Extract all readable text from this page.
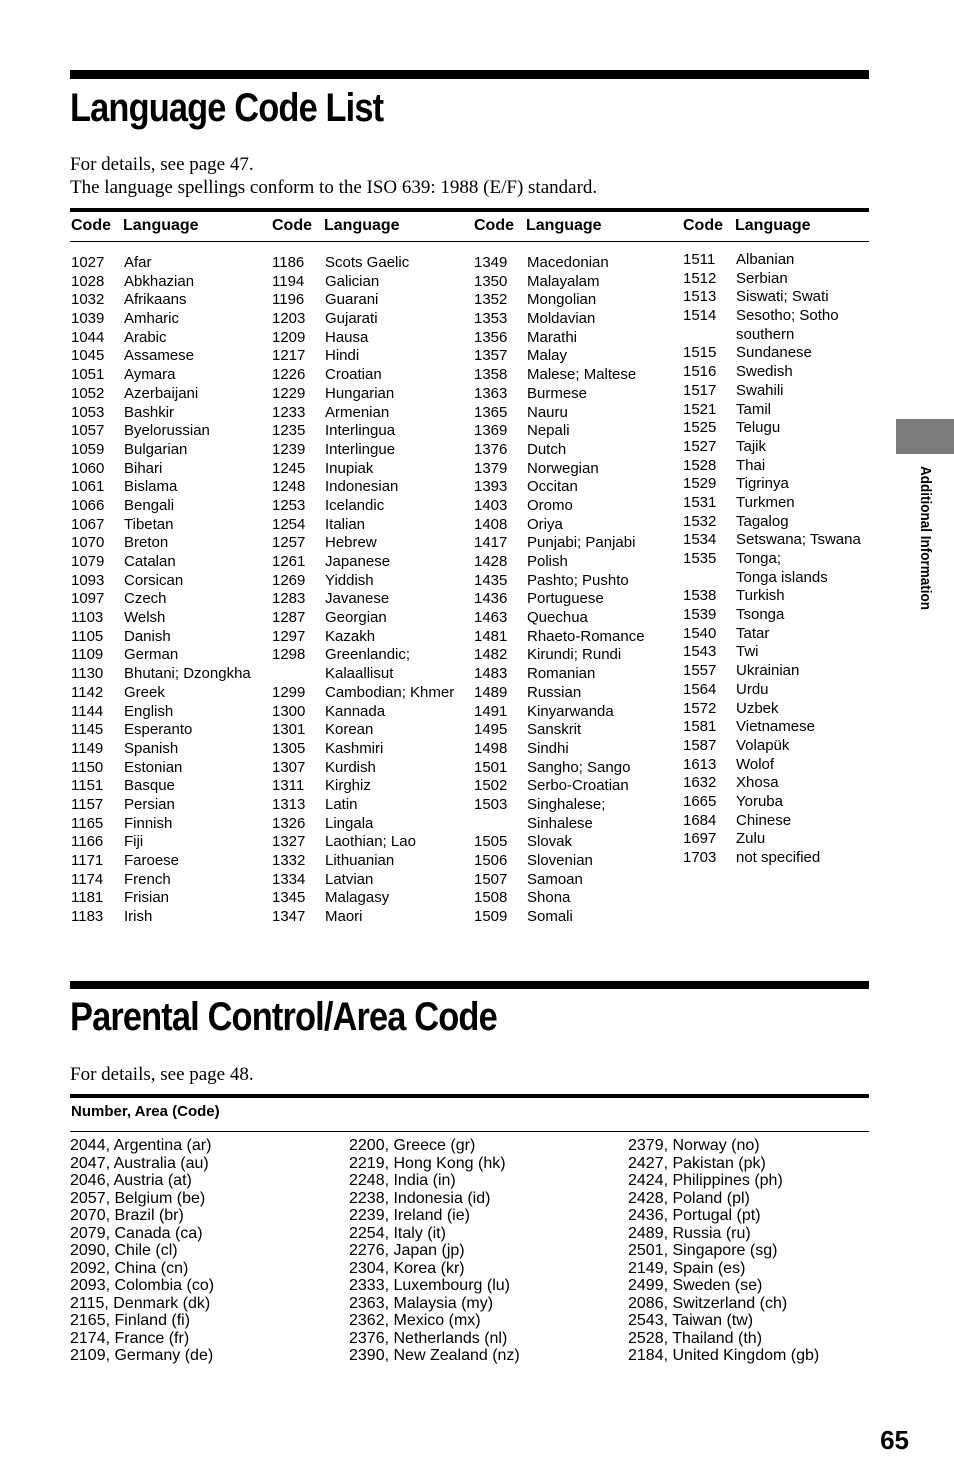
Language Code List
For details, see page 47.
The language spellings conform to the ISO 639: 1988 (E/F) standard.
Code Language	Code Language	Code Language	Code Language
1027	Afar
1028	Abkhazian
1032	Afrikaans
1039	Amharic
1044	Arabic
1045	Assamese
1051	Aymara
1052	Azerbaijani
1053	Bashkir
1057	Byelorussian
1059	Bulgarian
1060	Bihari
1061	Bislama
1066	Bengali
1067	Tibetan
1070	Breton
1079	Catalan
1093	Corsican
1097	Czech
1103	Welsh
1105	Danish
1109	German
1130	Bhutani; Dzongkha
1142	Greek
1144	English
1145	Esperanto
1149	Spanish
1150	Estonian
1151	Basque
1157	Persian
1165	Finnish
1166	Fiji
1171	Faroese
1174	French
1181	Frisian
1183	Irish
1186	Scots Gaelic
1194	Galician
1196	Guarani
1203	Gujarati
1209	Hausa
1217	Hindi
1226	Croatian
1229	Hungarian
1233	Armenian
1235	Interlingua
1239	Interlingue
1245	Inupiak
1248	Indonesian
1253	Icelandic
1254	Italian
1257	Hebrew
1261	Japanese
1269	Yiddish
1283	Javanese
1287	Georgian
1297	Kazakh
1298	Greenlandic;
Kalaallisut
1299	Cambodian; Khmer
1300	Kannada
1301	Korean
1305	Kashmiri
1307	Kurdish
1311	Kirghiz
1313	Latin
1326	Lingala
1327	Laothian; Lao
1332	Lithuanian
1334	Latvian
1345	Malagasy
1347	Maori
1349	Macedonian
1350	Malayalam
1352	Mongolian
1353	Moldavian
1356	Marathi
1357	Malay
1358	Malese; Maltese
1363	Burmese
1365	Nauru
1369	Nepali
1376	Dutch
1379	Norwegian
1393	Occitan
1403	Oromo
1408	Oriya
1417	Punjabi; Panjabi
1428	Polish
1435	Pashto; Pushto
1436	Portuguese
1463	Quechua
1481	Rhaeto-Romance
1482	Kirundi; Rundi
1483	Romanian
1489	Russian
1491	Kinyarwanda
1495	Sanskrit
1498	Sindhi
1501	Sangho; Sango
1502	Serbo-Croatian
1503	Singhalese;
Sinhalese
1505	Slovak
1506	Slovenian
1507	Samoan
1508	Shona
1509	Somali
1511	Albanian
1512	Serbian
1513	Siswati; Swati
1514	Sesotho; Sotho
southern
1515	Sundanese
1516	Swedish
1517	Swahili
1521	Tamil
1525	Telugu
1527	Tajik
1528	Thai
1529	Tigrinya
1531	Turkmen
1532	Tagalog
1534	Setswana; Tswana
1535	Tonga;
Tonga islands
1538	Turkish
1539	Tsonga
1540	Tatar
1543	Twi
1557	Ukrainian
1564	Urdu
1572	Uzbek
1581	Vietnamese
1587	Volapük
1613	Wolof
1632	Xhosa
1665	Yoruba
1684	Chinese
1697	Zulu
1703	not specified
Parental Control/Area Code
For details, see page 48.
Number, Area (Code)
2044, Argentina (ar)
2047, Australia (au)
2046, Austria (at)
2057, Belgium (be)
2070, Brazil (br)
2079, Canada (ca)
2090, Chile (cl)
2092, China (cn)
2093, Colombia (co)
2115, Denmark (dk)
2165, Finland (fi)
2174, France (fr)
2109, Germany (de)
2200, Greece (gr)
2219, Hong Kong (hk)
2248, India (in)
2238, Indonesia (id)
2239, Ireland (ie)
2254, Italy (it)
2276, Japan (jp)
2304, Korea (kr)
2333, Luxembourg (lu)
2363, Malaysia (my)
2362, Mexico (mx)
2376, Netherlands (nl)
2390, New Zealand (nz)
2379, Norway (no)
2427, Pakistan (pk)
2424, Philippines (ph)
2428, Poland (pl)
2436, Portugal (pt)
2489, Russia (ru)
2501, Singapore (sg)
2149, Spain (es)
2499, Sweden (se)
2086, Switzerland (ch)
2543, Taiwan (tw)
2528, Thailand (th)
2184, United Kingdom (gb)
Additional Information
65
